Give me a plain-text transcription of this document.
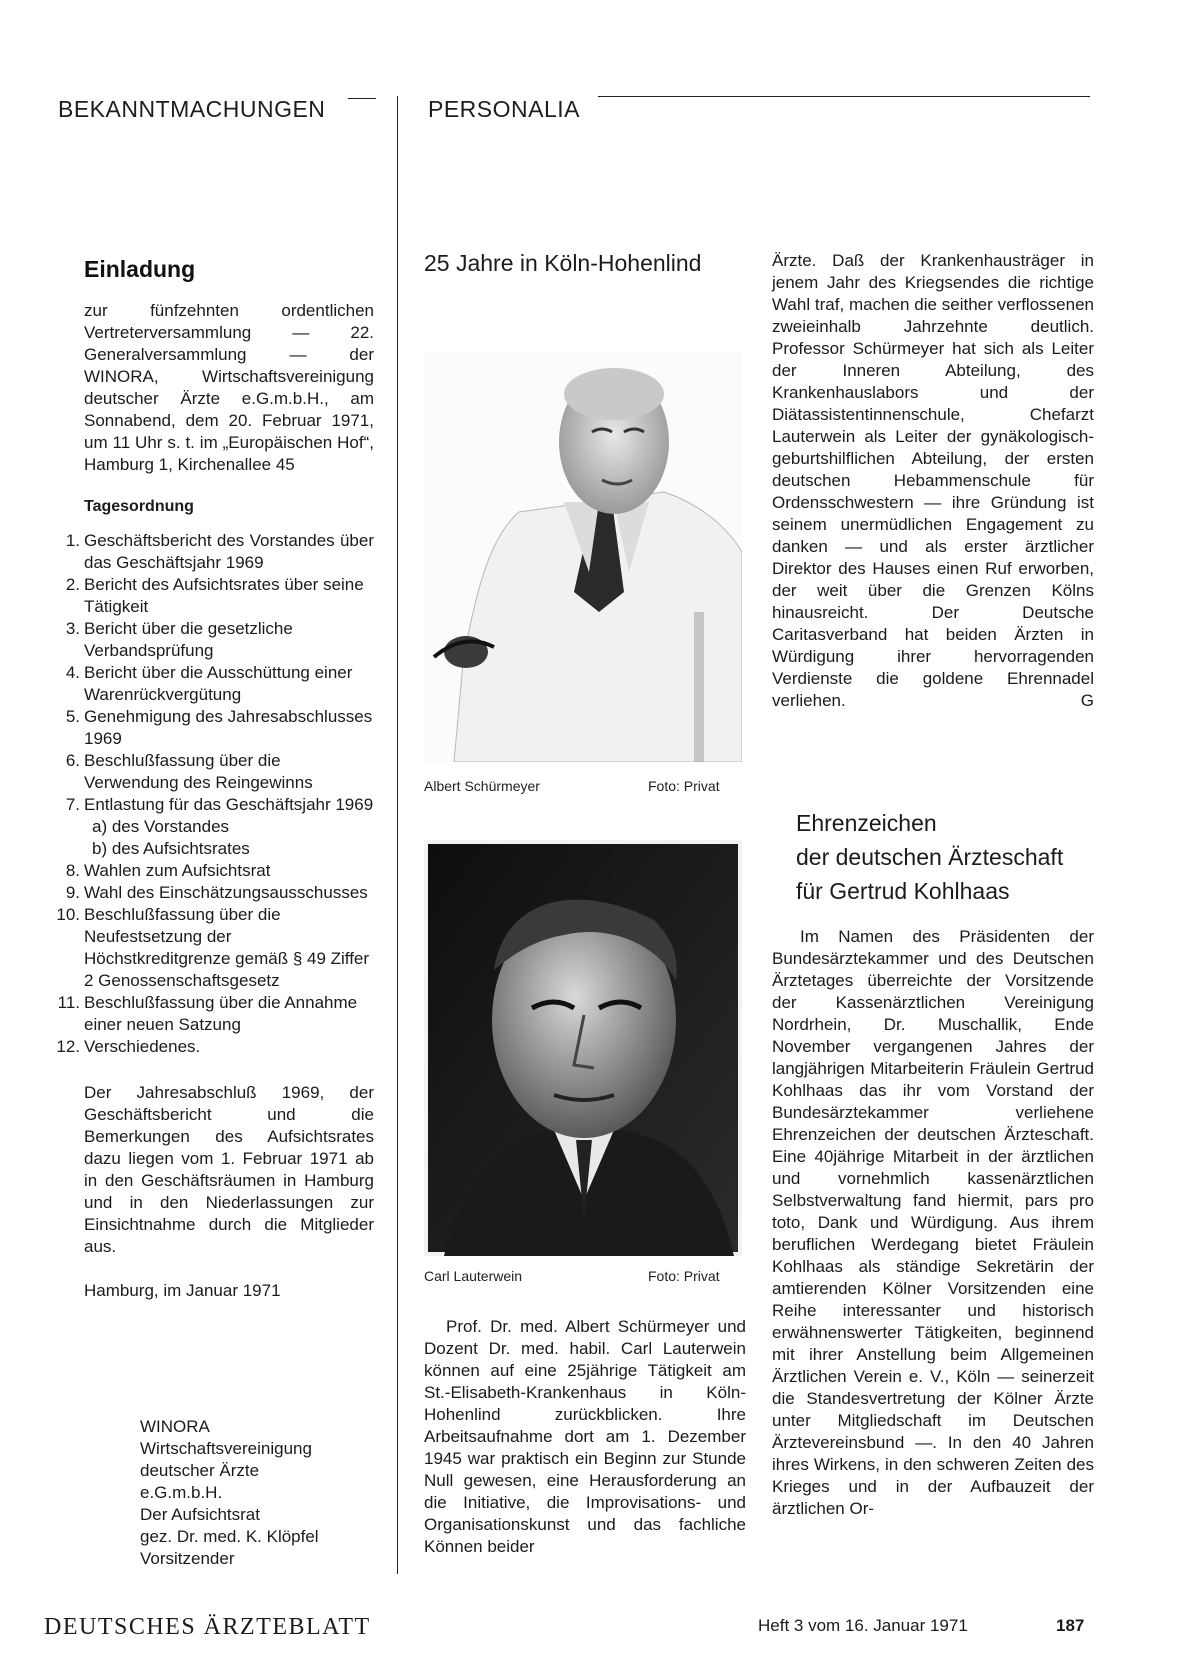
BEKANNTMACHUNGEN	PERSONALIA
Einladung

zur fünfzehnten ordentlichen Vertreterversammlung — 22. Generalversammlung — der WINORA, Wirtschaftsvereinigung deutscher Ärzte e.G.m.b.H., am Sonnabend, dem 20. Februar 1971, um 11 Uhr s. t. im „Europäischen Hof“, Hamburg 1, Kirchenallee 45

Tagesordnung
1. Geschäftsbericht des Vorstandes über das Geschäftsjahr 1969
2. Bericht des Aufsichtsrates über seine Tätigkeit
3. Bericht über die gesetzliche Verbandsprüfung
4. Bericht über die Ausschüttung einer Warenrückvergütung
5. Genehmigung des Jahresabschlusses 1969
6. Beschlußfassung über die Verwendung des Reingewinns
7. Entlastung für das Geschäftsjahr 1969
a) des Vorstandes
b) des Aufsichtsrates
8. Wahlen zum Aufsichtsrat
9. Wahl des Einschätzungsausschusses
10. Beschlußfassung über die Neufestsetzung der Höchstkreditgrenze gemäß § 49 Ziffer 2 Genossenschaftsgesetz
11. Beschlußfassung über die Annahme einer neuen Satzung
12. Verschiedenes.

Der Jahresabschluß 1969, der Geschäftsbericht und die Bemerkungen des Aufsichtsrates dazu liegen vom 1. Februar 1971 ab in den Geschäftsräumen in Hamburg und in den Niederlassungen zur Einsichtnahme durch die Mitglieder aus.

Hamburg, im Januar 1971

WINORA
Wirtschaftsvereinigung
deutscher Ärzte
e.G.m.b.H.
Der Aufsichtsrat
gez. Dr. med. K. Klöpfel
Vorsitzender
25 Jahre in Köln-Hohenlind
Albert Schürmeyer	Foto: Privat
Carl Lauterwein	Foto: Privat

Prof. Dr. med. Albert Schürmeyer und Dozent Dr. med. habil. Carl Lauterwein können auf eine 25jährige Tätigkeit am St.-Elisabeth-Krankenhaus in Köln-Hohenlind zurückblicken. Ihre Arbeitsaufnahme dort am 1. Dezember 1945 war praktisch ein Beginn zur Stunde Null gewesen, eine Herausforderung an die Initiative, die Improvisations- und Organisationskunst und das fachliche Können beider

Ärzte. Daß der Krankenhausträger in jenem Jahr des Kriegsendes die richtige Wahl traf, machen die seither verflossenen zweieinhalb Jahrzehnte deutlich. Professor Schürmeyer hat sich als Leiter der Inneren Abteilung, des Krankenhauslabors und der Diätassistentinnenschule, Chefarzt Lauterwein als Leiter der gynäkologisch-geburtshilflichen Abteilung, der ersten deutschen Hebammenschule für Ordensschwestern — ihre Gründung ist seinem unermüdlichen Engagement zu danken — und als erster ärztlicher Direktor des Hauses einen Ruf erworben, der weit über die Grenzen Kölns hinausreicht. Der Deutsche Caritasverband hat beiden Ärzten in Würdigung ihrer hervorragenden Verdienste die goldene Ehrennadel verliehen.	G

Ehrenzeichen
der deutschen Ärzteschaft
für Gertrud Kohlhaas

Im Namen des Präsidenten der Bundesärztekammer und des Deutschen Ärztetages überreichte der Vorsitzende der Kassenärztlichen Vereinigung Nordrhein, Dr. Muschallik, Ende November vergangenen Jahres der langjährigen Mitarbeiterin Fräulein Gertrud Kohlhaas das ihr vom Vorstand der Bundesärztekammer verliehene Ehrenzeichen der deutschen Ärzteschaft. Eine 40jährige Mitarbeit in der ärztlichen und vornehmlich kassenärztlichen Selbstverwaltung fand hiermit, pars pro toto, Dank und Würdigung. Aus ihrem beruflichen Werdegang bietet Fräulein Kohlhaas als ständige Sekretärin der amtierenden Kölner Vorsitzenden eine Reihe interessanter und historisch erwähnenswerter Tätigkeiten, beginnend mit ihrer Anstellung beim Allgemeinen Ärztlichen Verein e. V., Köln — seinerzeit die Standesvertretung der Kölner Ärzte unter Mitgliedschaft im Deutschen Ärztevereinsbund —. In den 40 Jahren ihres Wirkens, in den schweren Zeiten des Krieges und in der Aufbauzeit der ärztlichen Or-

DEUTSCHES ÄRZTEBLATT	Heft 3 vom 16. Januar 1971	187
